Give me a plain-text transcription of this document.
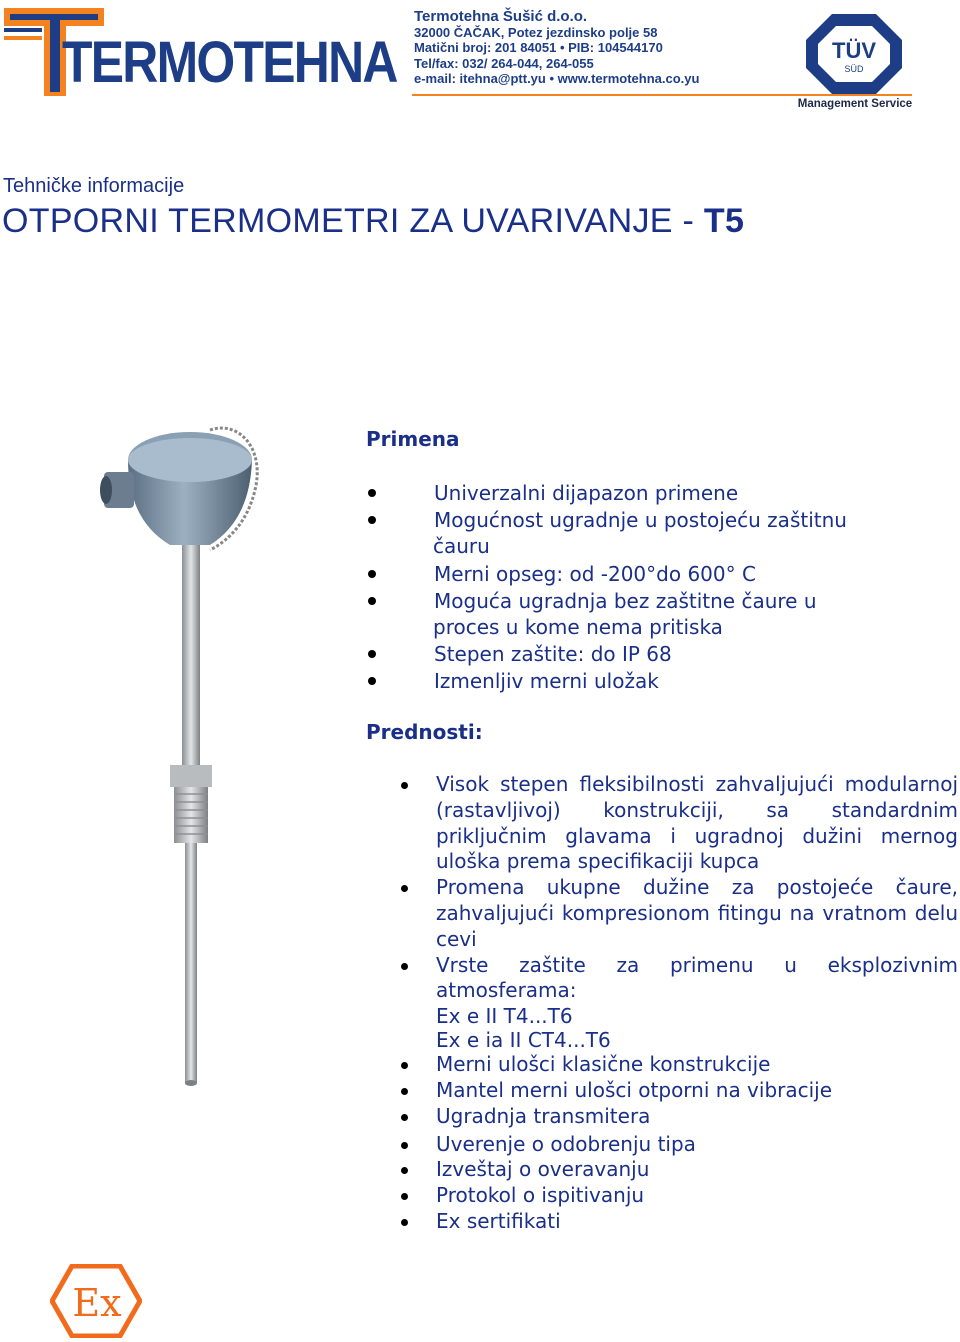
TERMOTEHNA
Termotehna Šušić d.o.o.
32000 ČAČAK, Potez jezdinsko polje 58
Matični broj: 201 84051 • PIB: 104544170
Tel/fax: 032/ 264-044, 264-055
e-mail: itehna@ptt.yu • www.termotehna.co.yu
TÜV
SÜD
Management Service
Tehničke informacije
OTPORNI TERMOMETRI ZA UVARIVANJE - T5
Primena
Univerzalni dijapazon primene
Mogućnost ugradnje u postojeću zaštitnu
čauru
Merni opseg: od -200°do 600° C
Moguća ugradnja bez zaštitne čaure u
proces u kome nema pritiska
Stepen zaštite: do IP 68
Izmenljiv merni uložak
Prednosti:
Visok stepen fleksibilnosti zahvaljujući modularnoj (rastavljivoj) konstrukciji, sa standardnim priključnim glavama i ugradnoj dužini mernog uloška prema specifikaciji kupca
Promena ukupne dužine za postojeće čaure, zahvaljujući kompresionom fitingu na vratnom delu cevi
Vrste zaštite za primenu u eksplozivnim atmosferama:
Ex e II T4...T6
Ex e ia II CT4...T6
Merni ulošci klasične konstrukcije
Mantel merni ulošci otporni na vibracije
Ugradnja transmitera
Uverenje o odobrenju tipa
Izveštaj o overavanju
Protokol o ispitivanju
Ex sertifikati
Ex
